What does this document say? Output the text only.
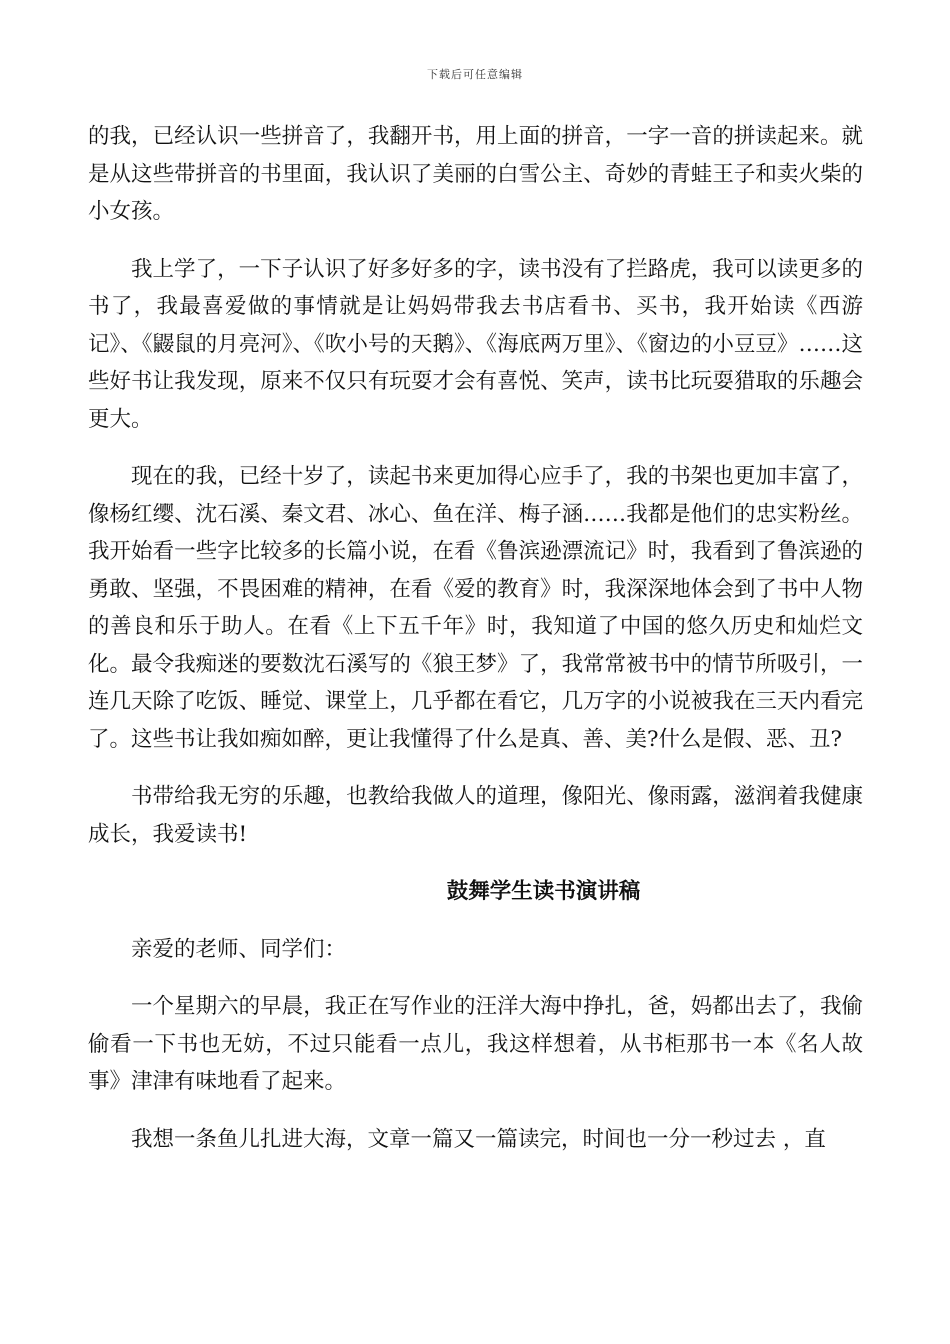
下载后可任意编辑

的我，已经认识一些拼音了，我翻开书，用上面的拼音，一字一音的拼读起来。就是从这些带拼音的书里面，我认识了美丽的白雪公主、奇妙的青蛙王子和卖火柴的小女孩。

我上学了，一下子认识了好多好多的字，读书没有了拦路虎，我可以读更多的书了，我最喜爱做的事情就是让妈妈带我去书店看书、买书，我开始读《西游记》、《鼹鼠的月亮河》、《吹小号的天鹅》、《海底两万里》、《窗边的小豆豆》……这些好书让我发现，原来不仅只有玩耍才会有喜悦、笑声，读书比玩耍猎取的乐趣会更大。

现在的我，已经十岁了，读起书来更加得心应手了，我的书架也更加丰富了，像杨红缨、沈石溪、秦文君、冰心、鱼在洋、梅子涵……我都是他们的忠实粉丝。我开始看一些字比较多的长篇小说，在看《鲁滨逊漂流记》时，我看到了鲁滨逊的勇敢、坚强，不畏困难的精神，在看《爱的教育》时，我深深地体会到了书中人物的善良和乐于助人。在看《上下五千年》时，我知道了中国的悠久历史和灿烂文化。最令我痴迷的要数沈石溪写的《狼王梦》了，我常常被书中的情节所吸引，一连几天除了吃饭、睡觉、课堂上，几乎都在看它，几万字的小说被我在三天内看完了。这些书让我如痴如醉，更让我懂得了什么是真、善、美?什么是假、恶、丑?

书带给我无穷的乐趣，也教给我做人的道理，像阳光、像雨露，滋润着我健康成长，我爱读书!

鼓舞学生读书演讲稿

亲爱的老师、同学们：

一个星期六的早晨，我正在写作业的汪洋大海中挣扎，爸，妈都出去了，我偷偷看一下书也无妨，不过只能看一点儿，我这样想着，从书柜那书一本《名人故事》津津有味地看了起来。

我想一条鱼儿扎进大海，文章一篇又一篇读完，时间也一分一秒过去 ，直
